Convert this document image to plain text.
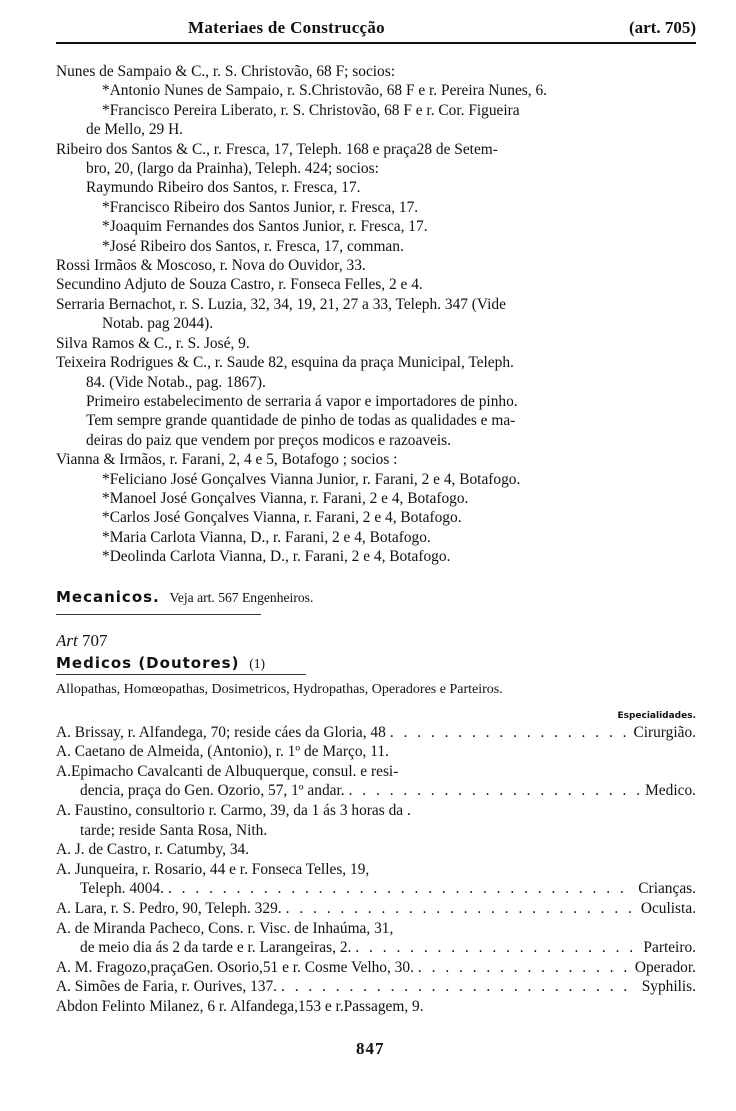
Materiaes de Construcção	(art. 705)
Nunes de Sampaio & C., r. S. Christovão, 68 F; socios:
*Antonio Nunes de Sampaio, r. S.Christovão, 68 F e r. Pereira Nunes, 6.
*Francisco Pereira Liberato, r. S. Christovão, 68 F e r. Cor. Figueira
de Mello, 29 H.
Ribeiro dos Santos & C., r. Fresca, 17, Teleph. 168 e praça28 de Setem-
bro, 20, (largo da Prainha), Teleph. 424; socios:
Raymundo Ribeiro dos Santos, r. Fresca, 17.
*Francisco Ribeiro dos Santos Junior, r. Fresca, 17.
*Joaquim Fernandes dos Santos Junior, r. Fresca, 17.
*José Ribeiro dos Santos, r. Fresca, 17, comman.
Rossi Irmãos & Moscoso, r. Nova do Ouvidor, 33.
Secundino Adjuto de Souza Castro, r. Fonseca Felles, 2 e 4.
Serraria Bernachot, r. S. Luzia, 32, 34, 19, 21, 27 a 33, Teleph. 347 (Vide
Notab. pag 2044).
Silva Ramos & C., r. S. José, 9.
Teixeira Rodrigues & C., r. Saude 82, esquina da praça Municipal, Teleph.
84. (Vide Notab., pag. 1867).
Primeiro estabelecimento de serraria á vapor e importadores de pinho.
Tem sempre grande quantidade de pinho de todas as qualidades e ma-
deiras do paiz que vendem por preços modicos e razoaveis.
Vianna & Irmãos, r. Farani, 2, 4 e 5, Botafogo ; socios :
*Feliciano José Gonçalves Vianna Junior, r. Farani, 2 e 4, Botafogo.
*Manoel José Gonçalves Vianna, r. Farani, 2 e 4, Botafogo.
*Carlos José Gonçalves Vianna, r. Farani, 2 e 4, Botafogo.
*Maria Carlota Vianna, D., r. Farani, 2 e 4, Botafogo.
*Deolinda Carlota Vianna, D., r. Farani, 2 e 4, Botafogo.
Mecanicos. Veja art. 567 Engenheiros.
Art 707
Medicos (Doutores) (1)
Allopathas, Homœopathas, Dosimetricos, Hydropathas, Operadores e Parteiros.
Especialidades.
A. Brissay, r. Alfandega, 70; reside cáes da Gloria, 48 . . .	Cirurgião.
A. Caetano de Almeida, (Antonio), r. 1º de Março, 11.
A.Epimacho Cavalcanti de Albuquerque, consul. e resi-
dencia, praça do Gen. Ozorio, 57, 1º andar. . . .	Medico.
A. Faustino, consultorio r. Carmo, 39, da 1 ás 3 horas da .
tarde; reside Santa Rosa, Nith.
A. J. de Castro, r. Catumby, 34.
A. Junqueira, r. Rosario, 44 e r. Fonseca Telles, 19,
Teleph. 4004. . . .	Crianças.
A. Lara, r. S. Pedro, 90, Teleph. 329. . . .	Oculista.
A. de Miranda Pacheco, Cons. r. Visc. de Inhaúma, 31,
de meio dia ás 2 da tarde e r. Larangeiras, 2. . . .	Parteiro.
A. M. Fragozo,praçaGen. Osorio,51 e r. Cosme Velho, 30. . . .	Operador.
A. Simões de Faria, r. Ourives, 137. . . .	Syphilis.
Abdon Felinto Milanez, 6 r. Alfandega,153 e r.Passagem, 9.
847
